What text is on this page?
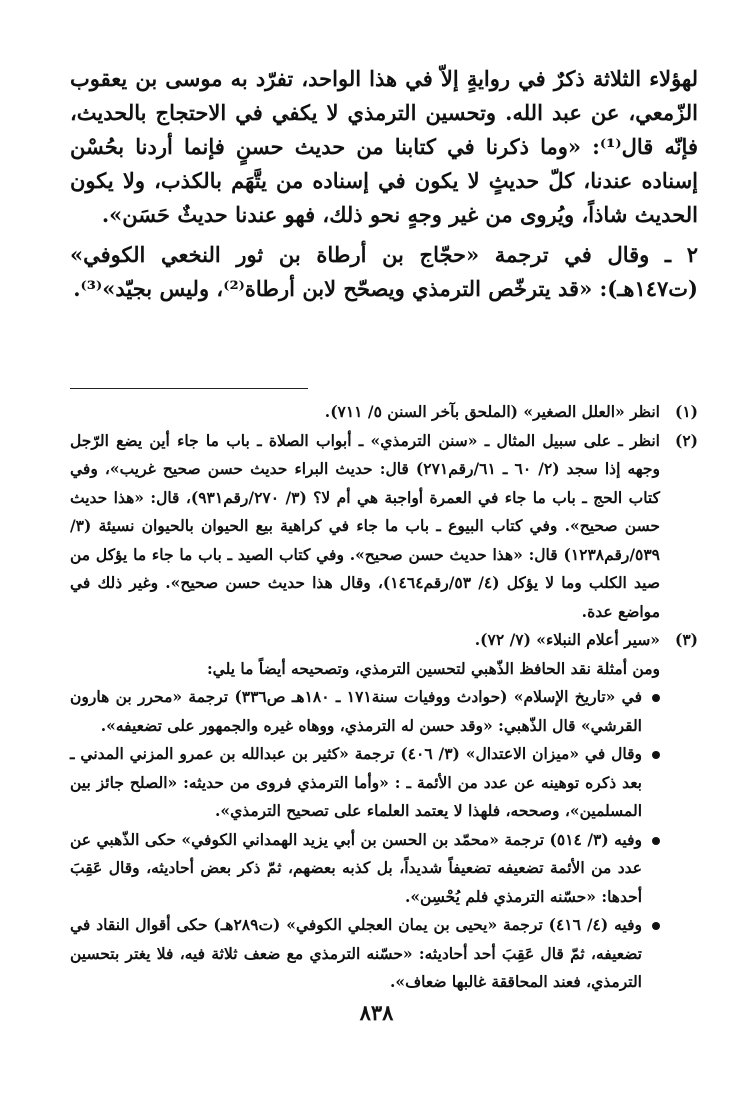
لهؤلاء الثلاثة ذكرٌ في روايةٍ إلاّ في هذا الواحد، تفرّد به موسى بن يعقوب الزّمعي، عن عبد الله. وتحسين الترمذي لا يكفي في الاحتجاج بالحديث، فإنّه قال⁽¹⁾: «وما ذكرنا في كتابنا من حديث حسنٍ فإنما أردنا بحُسْن إسناده عندنا، كلّ حديثٍ لا يكون في إسناده من يتَّهَم بالكذب، ولا يكون الحديث شاذاً، ويُروى من غير وجهٍ نحو ذلك، فهو عندنا حديثٌ حَسَن».

٢ ـ وقال في ترجمة «حجّاج بن أرطاة بن ثور النخعي الكوفي» (ت١٤٧هـ): «قد يترخّص الترمذي ويصحّح لابن أرطاة⁽²⁾، وليس بجيّد»⁽³⁾.

(١)
انظر «العلل الصغير» (الملحق بآخر السنن ٥/ ٧١١).
(٢)
انظر ـ على سبيل المثال ـ «سنن الترمذي» ـ أبواب الصلاة ـ باب ما جاء أين يضع الرّجل وجهه إذا سجد (٢/ ٦٠ ـ ٦١/رقم٢٧١) قال: حديث البراء حديث حسن صحيح غريب»، وفي كتاب الحج ـ باب ما جاء في العمرة أواجبة هي أم لا؟ (٣/ ٢٧٠/رقم٩٣١)، قال: «هذا حديث حسن صحيح». وفي كتاب البيوع ـ باب ما جاء في كراهية بيع الحيوان بالحيوان نسيئة (٣/ ٥٣٩/رقم١٢٣٨) قال: «هذا حديث حسن صحيح». وفي كتاب الصيد ـ باب ما جاء ما يؤكل من صيد الكلب وما لا يؤكل (٤/ ٥٣/رقم١٤٦٤)، وقال هذا حديث حسن صحيح». وغير ذلك في مواضع عدة.
(٣)
«سير أعلام النبلاء» (٧/ ٧٢).
ومن أمثلة نقد الحافظ الذّهبي لتحسين الترمذي، وتصحيحه أيضاً ما يلي:
في «تاريخ الإسلام» (حوادث ووفيات سنة١٧١ ـ ١٨٠هـ ص٣٣٦) ترجمة «محرر بن هارون القرشي» قال الذّهبي: «وقد حسن له الترمذي، ووهاه غيره والجمهور على تضعيفه».
وقال في «ميزان الاعتدال» (٣/ ٤٠٦) ترجمة «كثير بن عبدالله بن عمرو المزني المدني ـ بعد ذكره توهينه عن عدد من الأئمة ـ : «وأما الترمذي فروى من حديثه: «الصلح جائز بين المسلمين»، وصححه، فلهذا لا يعتمد العلماء على تصحيح الترمذي».
وفيه (٣/ ٥١٤) ترجمة «محمّد بن الحسن بن أبي يزيد الهمداني الكوفي» حكى الذّهبي عن عدد من الأئمة تضعيفه تضعيفاً شديداً، بل كذبه بعضهم، ثمّ ذكر بعض أحاديثه، وقال عَقِبَ أحدها: «حسّنه الترمذي فلم يُحْسِن».
وفيه (٤/ ٤١٦) ترجمة «يحيى بن يمان العجلي الكوفي» (ت٢٨٩هـ) حكى أقوال النقاد في تضعيفه، ثمّ قال عَقِبَ أحد أحاديثه: «حسّنه الترمذي مع ضعف ثلاثة فيه، فلا يغتر بتحسين الترمذي، فعند المحاققة غالبها ضعاف».
٨٣٨
